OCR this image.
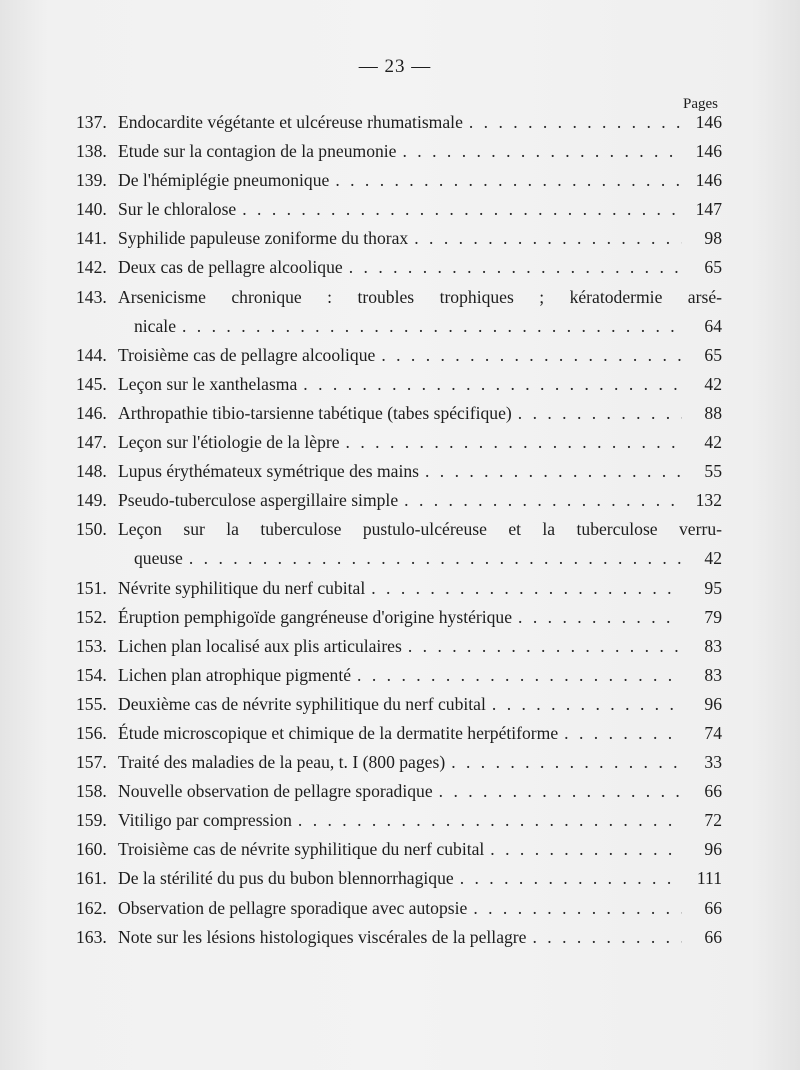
— 23 —
Pages
137. Endocardite végétante et ulcéreuse rhumatismale . . .	146
138. Etude sur la contagion de la pneumonie . . .	146
139. De l'hémiplégie pneumonique . . .	146
140. Sur le chloralose . . .	147
141. Syphilide papuleuse zoniforme du thorax . . .	98
142. Deux cas de pellagre alcoolique . . .	65
143. Arsenicisme chronique : troubles trophiques ; kératodermie arsé-
nicale . . .	64
144. Troisième cas de pellagre alcoolique . . .	65
145. Leçon sur le xanthelasma . . .	42
146. Arthropathie tibio-tarsienne tabétique (tabes spécifique) . . .	88
147. Leçon sur l'étiologie de la lèpre . . .	42
148. Lupus érythémateux symétrique des mains . . .	55
149. Pseudo-tuberculose aspergillaire simple . . .	132
150. Leçon sur la tuberculose pustulo-ulcéreuse et la tuberculose verru-
queuse . . .	42
151. Névrite syphilitique du nerf cubital . . .	95
152. Éruption pemphigoïde gangréneuse d'origine hystérique . . .	79
153. Lichen plan localisé aux plis articulaires . . .	83
154. Lichen plan atrophique pigmenté . . .	83
155. Deuxième cas de névrite syphilitique du nerf cubital . . .	96
156. Étude microscopique et chimique de la dermatite herpétiforme . . .	74
157. Traité des maladies de la peau, t. I (800 pages) . . .	33
158. Nouvelle observation de pellagre sporadique . . .	66
159. Vitiligo par compression . . .	72
160. Troisième cas de névrite syphilitique du nerf cubital . . .	96
161. De la stérilité du pus du bubon blennorrhagique . . .	111
162. Observation de pellagre sporadique avec autopsie . . .	66
163. Note sur les lésions histologiques viscérales de la pellagre . . .	66
